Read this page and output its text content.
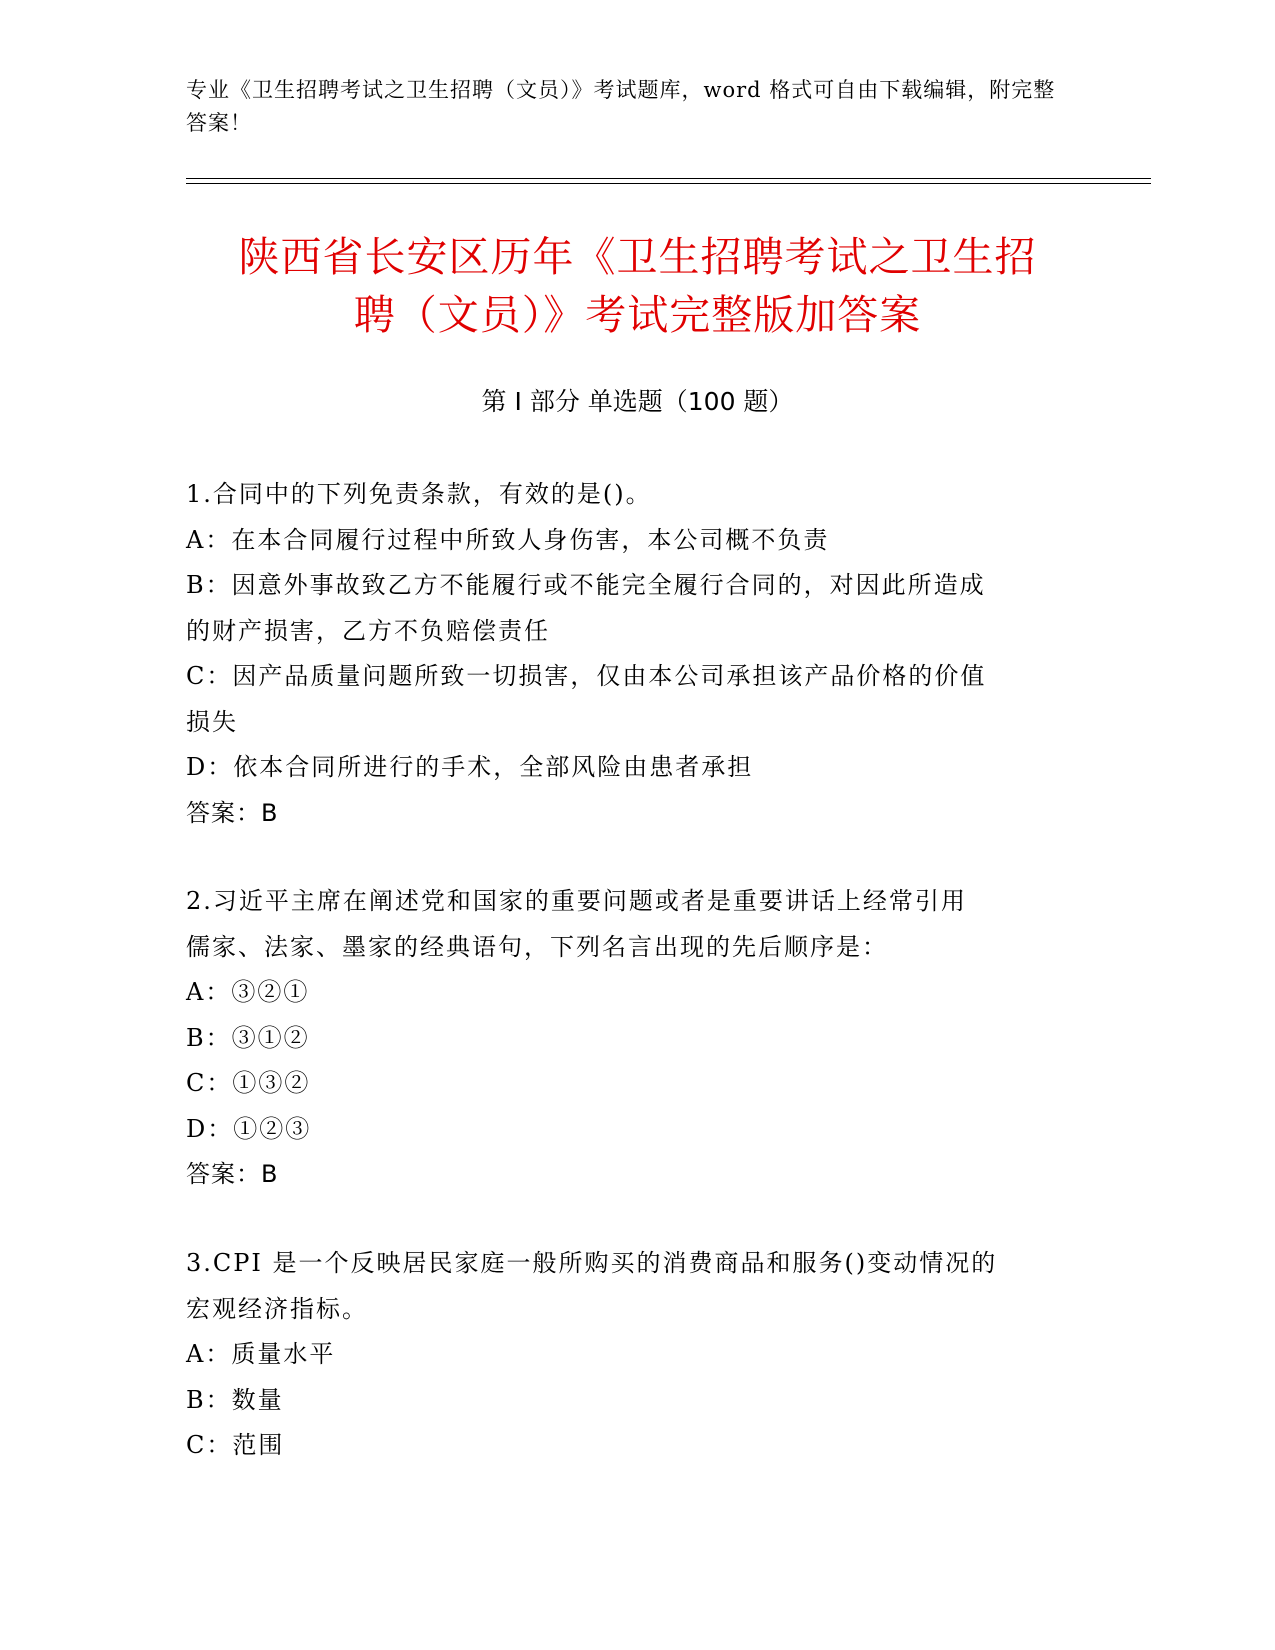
专业《卫生招聘考试之卫生招聘（文员）》考试题库，word 格式可自由下载编辑，附完整答案！
陕西省长安区历年《卫生招聘考试之卫生招
聘（文员）》考试完整版加答案
第 I 部分 单选题（100 题）
1.合同中的下列免责条款，有效的是()。
A：在本合同履行过程中所致人身伤害，本公司概不负责
B：因意外事故致乙方不能履行或不能完全履行合同的，对因此所造成
的财产损害，乙方不负赔偿责任
C：因产品质量问题所致一切损害，仅由本公司承担该产品价格的价值
损失
D：依本合同所进行的手术，全部风险由患者承担
答案：B
2.习近平主席在阐述党和国家的重要问题或者是重要讲话上经常引用
儒家、法家、墨家的经典语句，下列名言出现的先后顺序是：
A：③②①
B：③①②
C：①③②
D：①②③
答案：B
3.CPI 是一个反映居民家庭一般所购买的消费商品和服务()变动情况的
宏观经济指标。
A：质量水平
B：数量
C：范围
